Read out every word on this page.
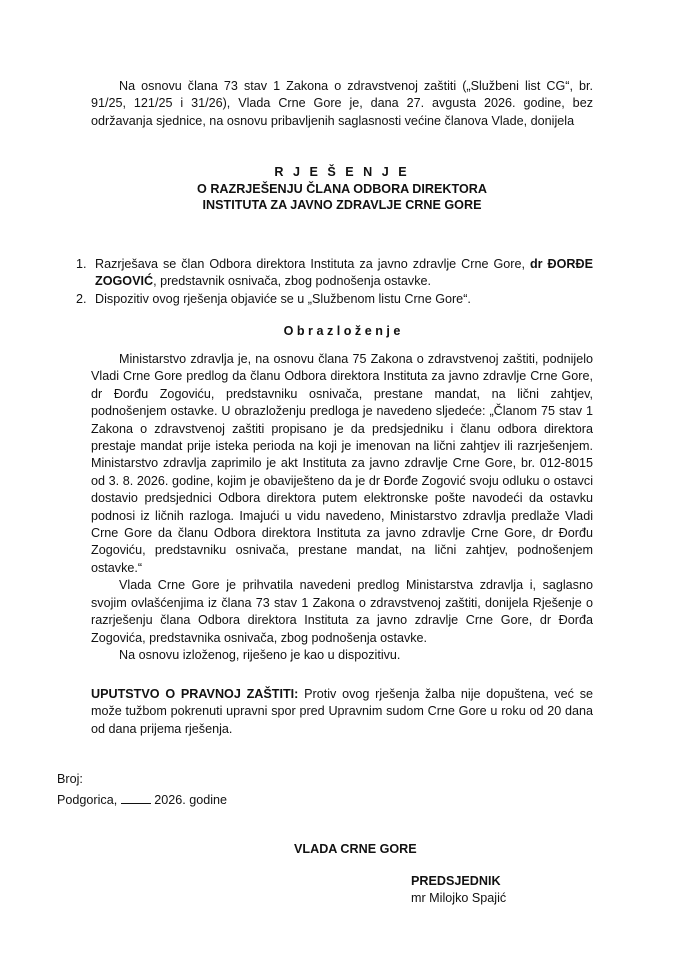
Na osnovu člana 73 stav 1 Zakona o zdravstvenoj zaštiti („Službeni list CG“, br. 91/25, 121/25 i 31/26), Vlada Crne Gore je, dana 27. avgusta 2026. godine, bez održavanja sjednice, na osnovu pribavljenih saglasnosti većine članova Vlade, donijela

R J E Š E N J E

O RAZRJEŠENJU ČLANA ODBORA DIREKTORA

INSTITUTA ZA JAVNO ZDRAVLJE CRNE GORE

1. Razrješava se član Odbora direktora Instituta za javno zdravlje Crne Gore, dr ĐORĐE ZOGOVIĆ, predstavnik osnivača, zbog podnošenja ostavke.
2. Dispozitiv ovog rješenja objaviće se u „Službenom listu Crne Gore“.

O b r a z l o ž e n j e

Ministarstvo zdravlja je, na osnovu člana 75 Zakona o zdravstvenoj zaštiti, podnijelo Vladi Crne Gore predlog da članu Odbora direktora Instituta za javno zdravlje Crne Gore, dr Đorđu Zogoviću, predstavniku osnivača, prestane mandat, na lični zahtjev, podnošenjem ostavke. U obrazloženju predloga je navedeno sljedeće: „Članom 75 stav 1 Zakona o zdravstvenoj zaštiti propisano je da predsjedniku i članu odbora direktora prestaje mandat prije isteka perioda na koji je imenovan na lični zahtjev ili razrješenjem. Ministarstvo zdravlja zaprimilo je akt Instituta za javno zdravlje Crne Gore, br. 012-8015 od 3. 8. 2026. godine, kojim je obaviješteno da je dr Đorđe Zogović svoju odluku o ostavci dostavio predsjednici Odbora direktora putem elektronske pošte navodeći da ostavku podnosi iz ličnih razloga. Imajući u vidu navedeno, Ministarstvo zdravlja predlaže Vladi Crne Gore da članu Odbora direktora Instituta za javno zdravlje Crne Gore, dr Đorđu Zogoviću, predstavniku osnivača, prestane mandat, na lični zahtjev, podnošenjem ostavke.“

Vlada Crne Gore je prihvatila navedeni predlog Ministarstva zdravlja i, saglasno svojim ovlašćenjima iz člana 73 stav 1 Zakona o zdravstvenoj zaštiti, donijela Rješenje o razrješenju člana Odbora direktora Instituta za javno zdravlje Crne Gore, dr Đorđa Zogovića, predstavnika osnivača, zbog podnošenja ostavke.

Na osnovu izloženog, riješeno je kao u dispozitivu.

UPUTSTVO O PRAVNOJ ZAŠTITI: Protiv ovog rješenja žalba nije dopuštena, već se može tužbom pokrenuti upravni spor pred Upravnim sudom Crne Gore u roku od 20 dana od dana prijema rješenja.

Broj:
Podgorica,	2026. godine
VLADA CRNE GORE
PREDSJEDNIK
mr Milojko Spajić
